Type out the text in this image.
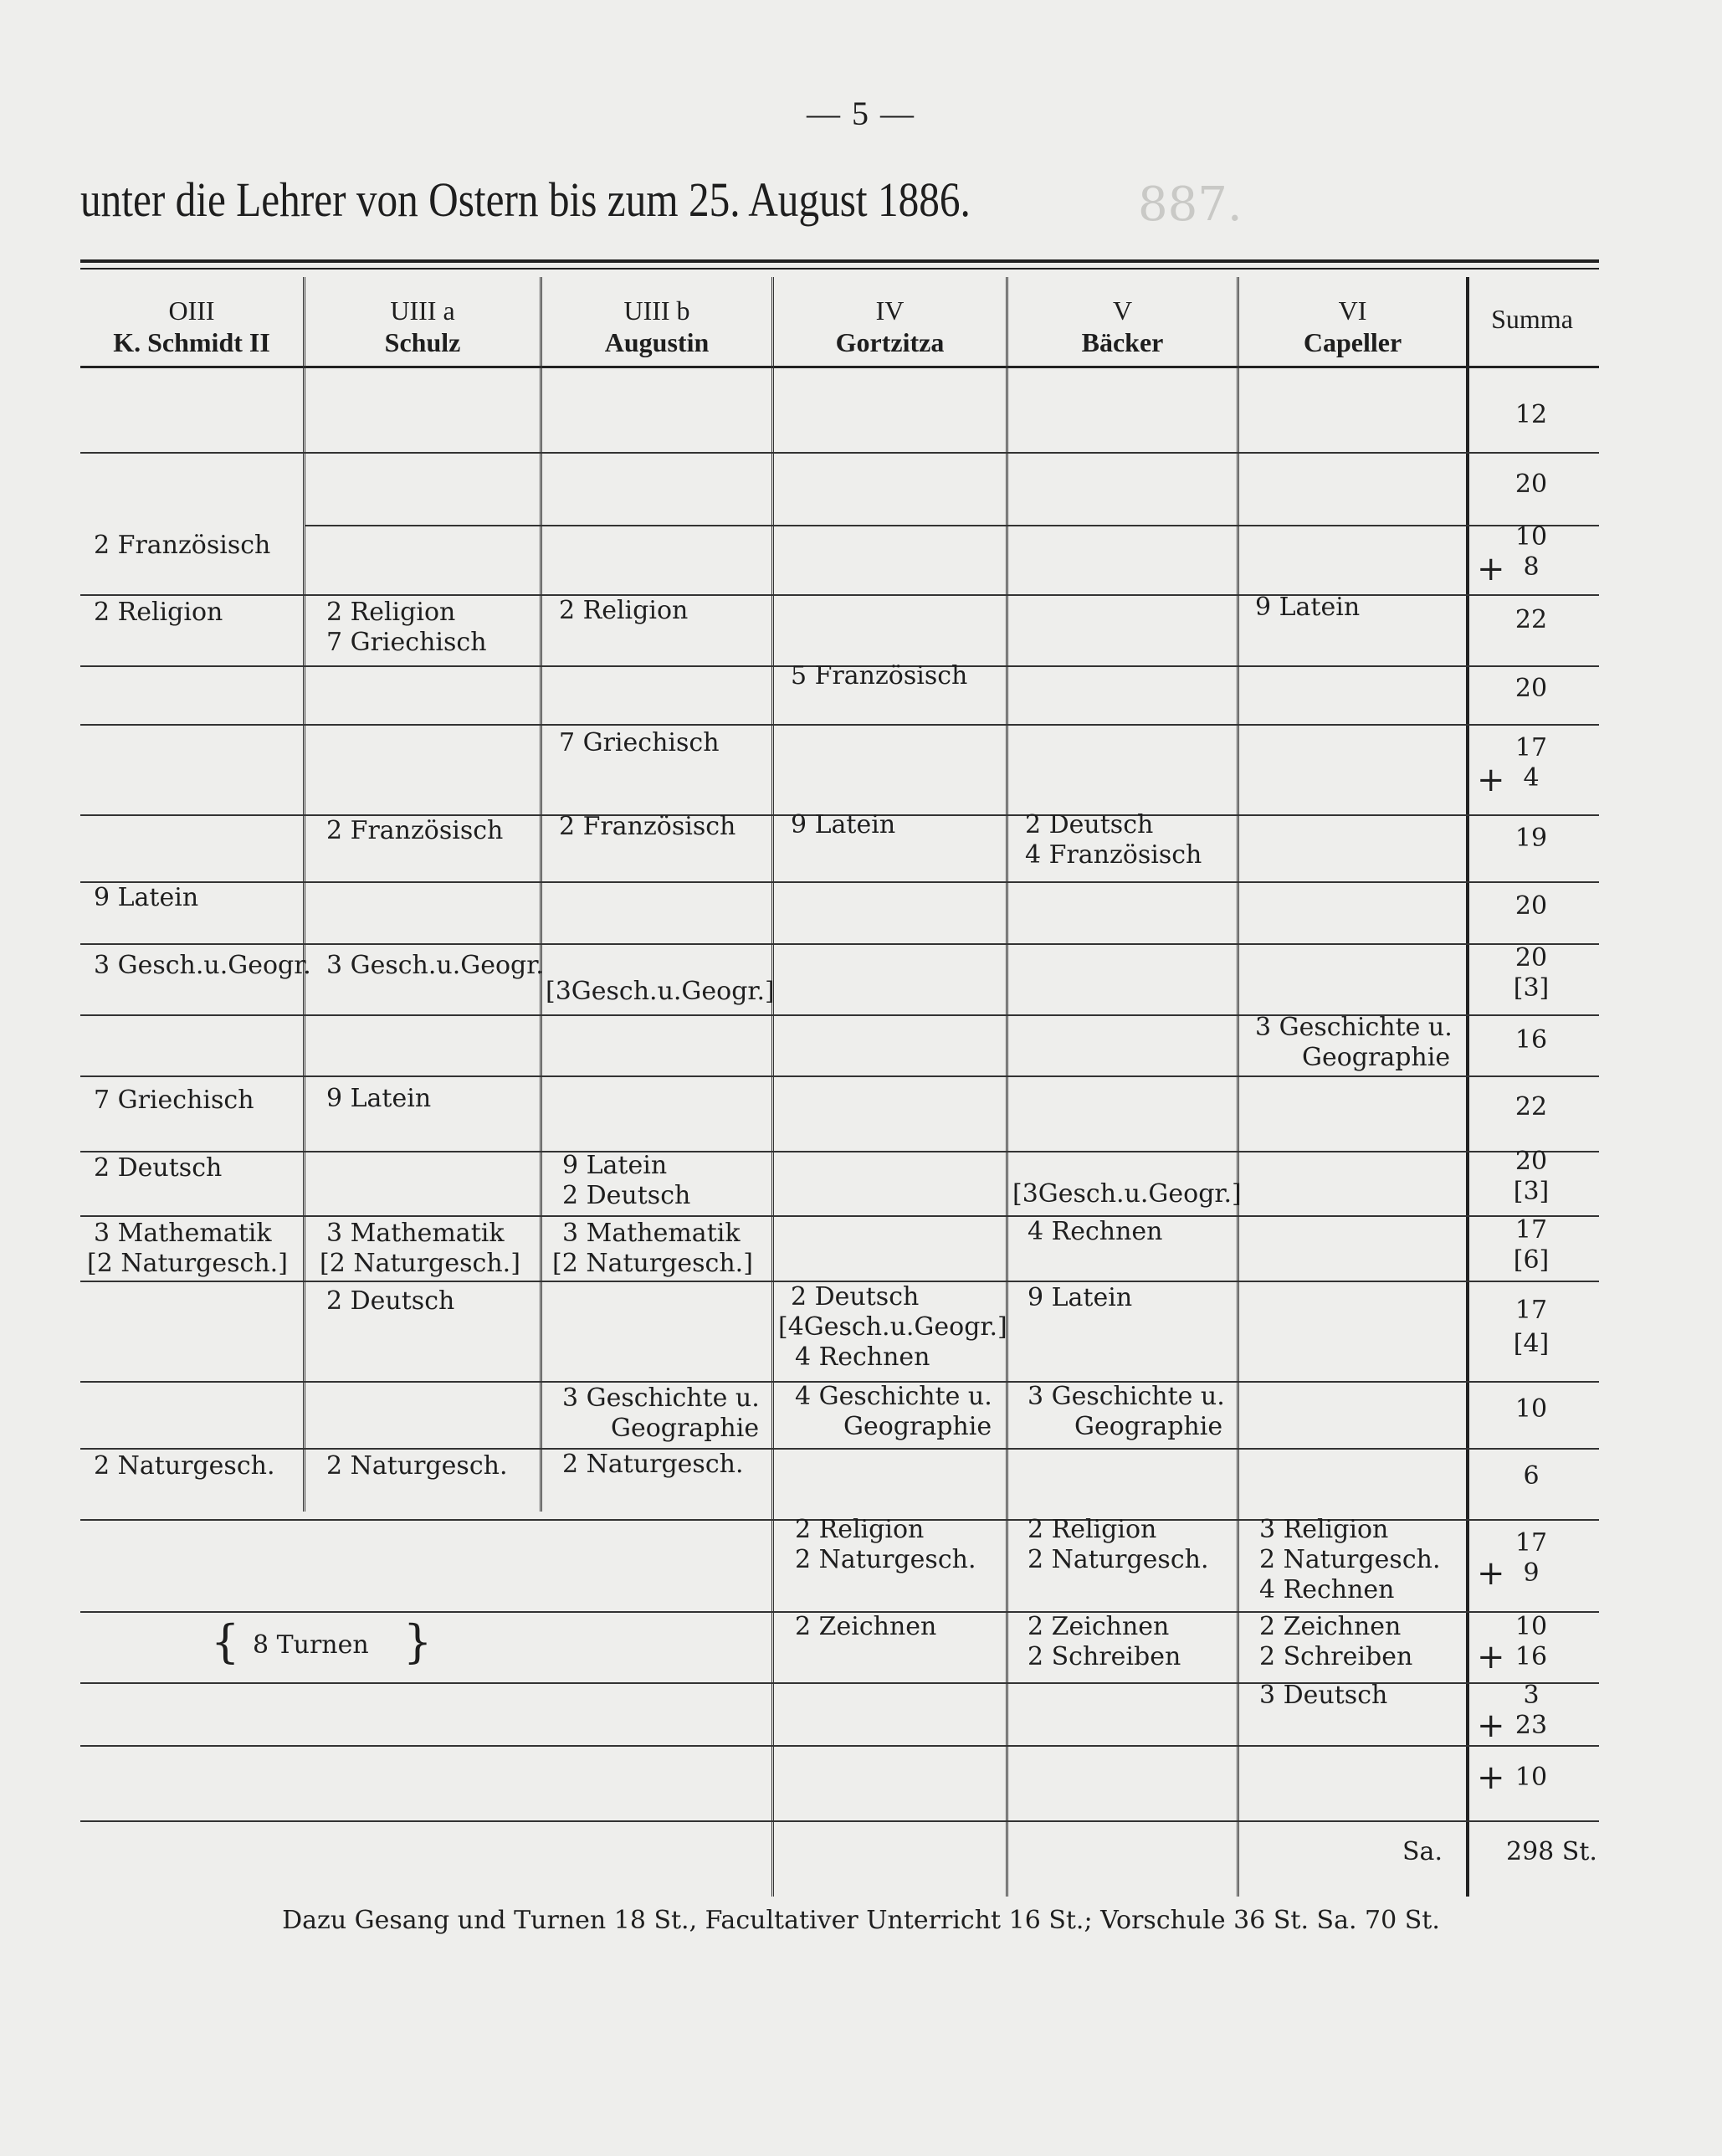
887.
— 5 —
unter die Lehrer von Ostern bis zum 25. August 1886.
OIII
K. Schmidt II
UIII a
Schulz
UIII b
Augustin
IV
Gortzitza
V
Bäcker
VI
Capeller
Summa
2 Französisch
2 Religion
9 Latein
3 Gesch.u.Geogr.
7 Griechisch
2 Deutsch
3 Mathematik
[2 Naturgesch.]
2 Naturgesch.
2 Religion
7 Griechisch
2 Französisch
3 Gesch.u.Geogr.
9 Latein
3 Mathematik
[2 Naturgesch.]
2 Deutsch
2 Naturgesch.
2 Religion
7 Griechisch
2 Französisch
[3Gesch.u.Geogr.]
9 Latein
2 Deutsch
3 Mathematik
[2 Naturgesch.]
3 Geschichte u.
Geographie
2 Naturgesch.
5 Französisch
9 Latein
2 Deutsch
[4Gesch.u.Geogr.]
4 Rechnen
4 Geschichte u.
Geographie
2 Religion
2 Naturgesch.
2 Zeichnen
2 Deutsch
4 Französisch
[3Gesch.u.Geogr.]
4 Rechnen
9 Latein
3 Geschichte u.
Geographie
2 Religion
2 Naturgesch.
2 Zeichnen
2 Schreiben
9 Latein
3 Geschichte u.
Geographie
3 Religion
2 Naturgesch.
4 Rechnen
2 Zeichnen
2 Schreiben
3 Deutsch
{ 8 Turnen }
12
20
10
+ 8
22
20
17
+ 4
19
20
20
[3]
16
22
20
[3]
17
[6]
17
[4]
10
6
17
+ 9
10
+ 16
3
+ 23
+ 10
Sa.	298 St.
Dazu Gesang und Turnen 18 St., Facultativer Unterricht 16 St.; Vorschule 36 St. Sa. 70 St.
